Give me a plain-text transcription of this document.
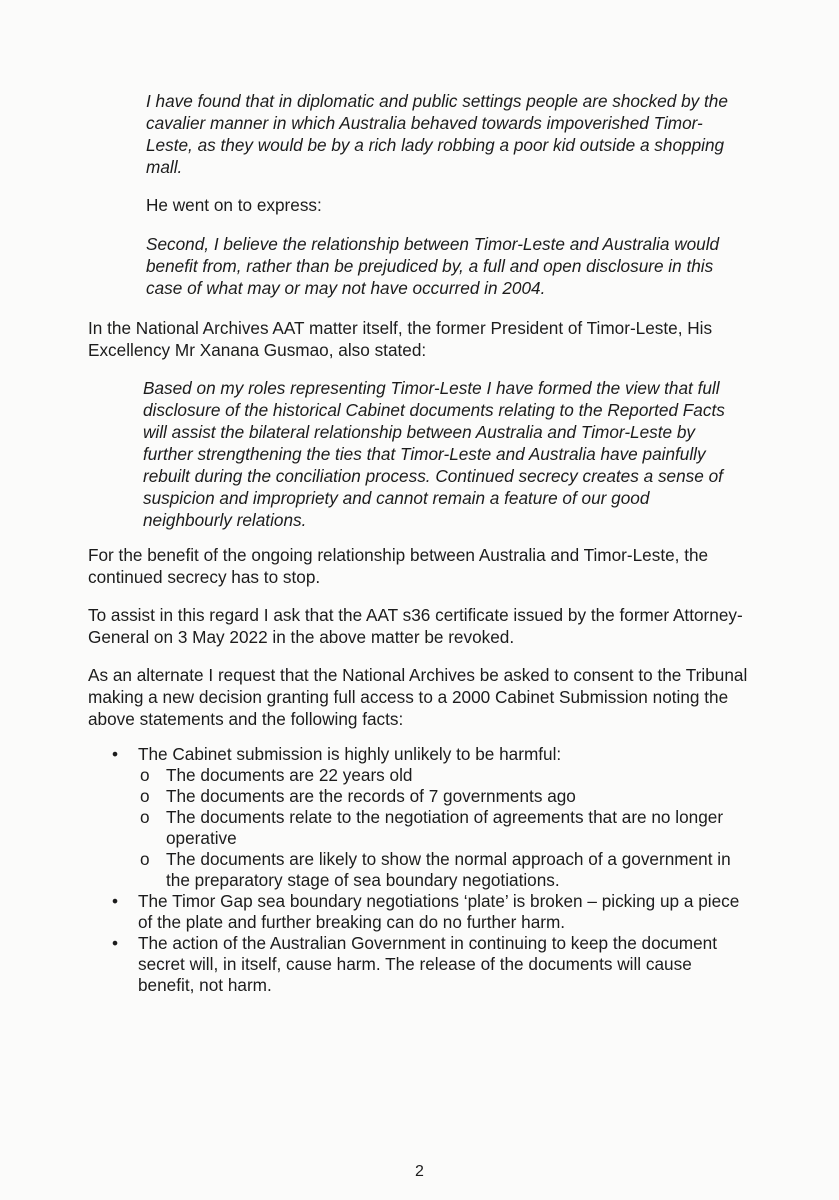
I have found that in diplomatic and public settings people are shocked by the cavalier manner in which Australia behaved towards impoverished Timor-Leste, as they would be by a rich lady robbing a poor kid outside a shopping mall.

He went on to express:

Second, I believe the relationship between Timor-Leste and Australia would benefit from, rather than be prejudiced by, a full and open disclosure in this case of what may or may not have occurred in 2004.

In the National Archives AAT matter itself, the former President of Timor-Leste, His Excellency Mr Xanana Gusmao, also stated:

Based on my roles representing Timor-Leste I have formed the view that full disclosure of the historical Cabinet documents relating to the Reported Facts will assist the bilateral relationship between Australia and Timor-Leste by further strengthening the ties that Timor-Leste and Australia have painfully rebuilt during the conciliation process. Continued secrecy creates a sense of suspicion and impropriety and cannot remain a feature of our good neighbourly relations.

For the benefit of the ongoing relationship between Australia and Timor-Leste, the continued secrecy has to stop.

To assist in this regard I ask that the AAT s36 certificate issued by the former Attorney-General on 3 May 2022 in the above matter be revoked.

As an alternate I request that the National Archives be asked to consent to the Tribunal making a new decision granting full access to a 2000 Cabinet Submission noting the above statements and the following facts:

• The Cabinet submission is highly unlikely to be harmful:
o The documents are 22 years old
o The documents are the records of 7 governments ago
o The documents relate to the negotiation of agreements that are no longer operative
o The documents are likely to show the normal approach of a government in the preparatory stage of sea boundary negotiations.
• The Timor Gap sea boundary negotiations ‘plate’ is broken – picking up a piece of the plate and further breaking can do no further harm.
• The action of the Australian Government in continuing to keep the document secret will, in itself, cause harm. The release of the documents will cause benefit, not harm.
2
